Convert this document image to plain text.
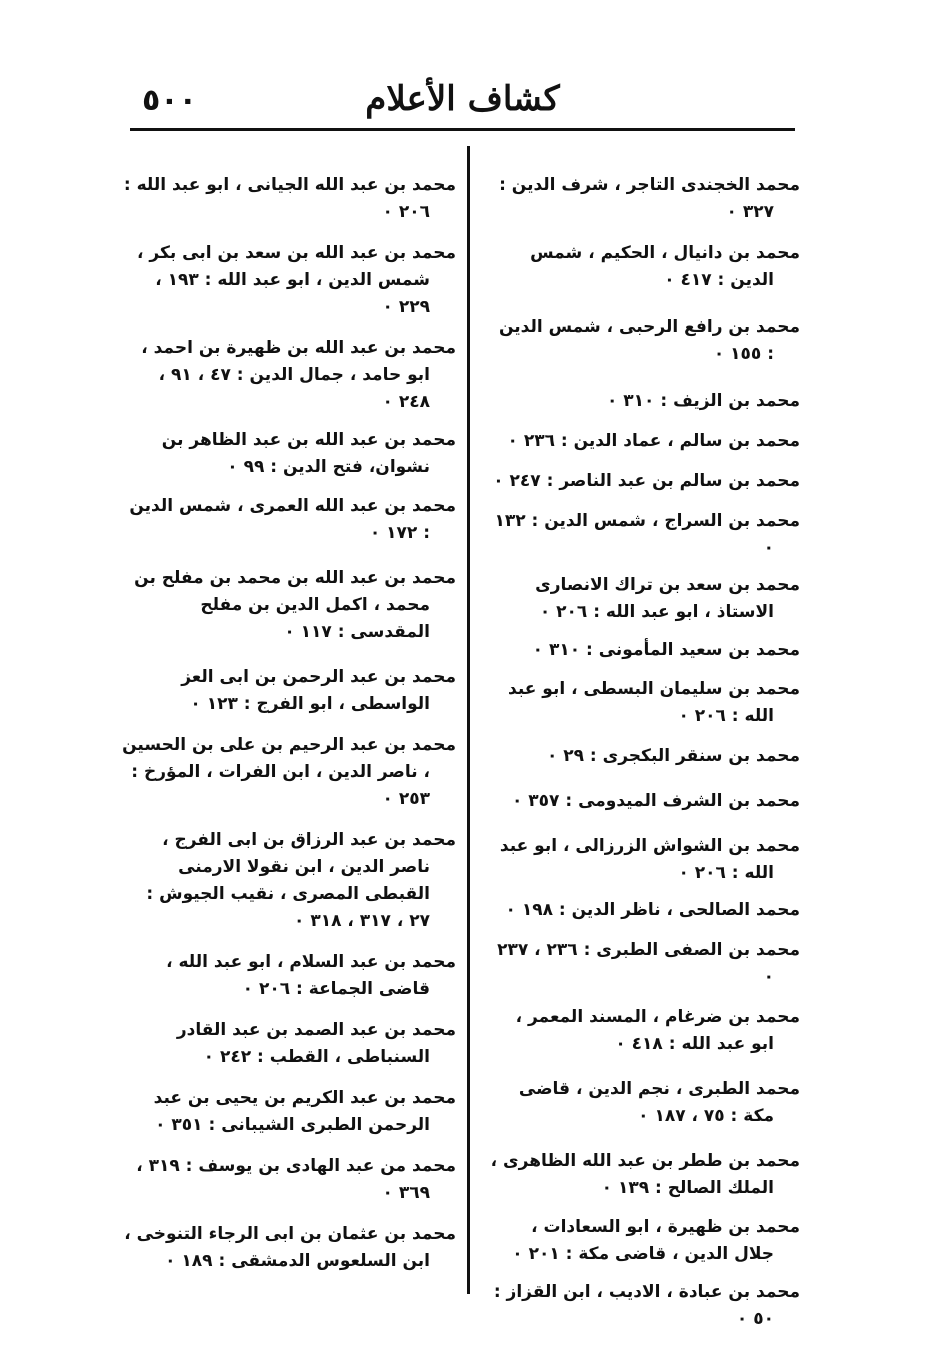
٥٠٠	كشاف الأعلام
محمد الخجندى التاجر ، شرف الدين : ٣٢٧ ٠
محمد بن دانيال ، الحكيم ، شمس الدين : ٤١٧ ٠
محمد بن رافع الرحبى ، شمس الدين : ١٥٥ ٠
محمد بن الزيف : ٣١٠ ٠
محمد بن سالم ، عماد الدين : ٢٣٦ ٠
محمد بن سالم بن عبد الناصر : ٢٤٧ ٠
محمد بن السراج ، شمس الدين : ١٣٢ ٠
محمد بن سعد بن تراك الانصارى الاستاذ ، ابو عبد الله : ٢٠٦ ٠
محمد بن سعيد المأمونى : ٣١٠ ٠
محمد بن سليمان البسطى ، ابو عبد الله : ٢٠٦ ٠
محمد بن سنقر البكجرى : ٢٩ ٠
محمد بن الشرف الميدومى : ٣٥٧ ٠
محمد بن الشواش الزرزالى ، ابو عبد الله : ٢٠٦ ٠
محمد الصالحى ، ناظر الدين : ١٩٨ ٠
محمد بن الصفى الطبرى : ٢٣٦ ، ٢٣٧ ٠
محمد بن ضرغام ، المسند المعمر ، ابو عبد الله : ٤١٨ ٠
محمد الطبرى ، نجم الدين ، قاضى مكة : ٧٥ ، ١٨٧ ٠
محمد بن ططر بن عبد الله الظاهرى ، الملك الصالح : ١٣٩ ٠
محمد بن ظهيرة ، ابو السعادات ، جلال الدين ، قاضى مكة : ٢٠١ ٠
محمد بن عبادة ، الاديب ، ابن القزاز : ٥٠ ٠
محمد بن عبد الله الجيانى ، ابو عبد الله : ٢٠٦ ٠
محمد بن عبد الله بن سعد بن ابى بكر ، شمس الدين ، ابو عبد الله : ١٩٣ ، ٢٢٩ ٠
محمد بن عبد الله بن ظهيرة بن احمد ، ابو حامد ، جمال الدين : ٤٧ ، ٩١ ، ٢٤٨ ٠
محمد بن عبد الله بن عبد الظاهر بن نشوان، فتح الدين : ٩٩ ٠
محمد بن عبد الله العمرى ، شمس الدين : ١٧٢ ٠
محمد بن عبد الله بن محمد بن مفلح بن محمد ، اكمل الدين بن مفلح المقدسى : ١١٧ ٠
محمد بن عبد الرحمن بن ابى العز الواسطى ، ابو الفرج : ١٢٣ ٠
محمد بن عبد الرحيم بن على بن الحسين ، ناصر الدين ، ابن الفرات ، المؤرخ : ٢٥٣ ٠
محمد بن عبد الرزاق بن ابى الفرج ، ناصر الدين ، ابن نقولا الارمنى القبطى المصرى ، نقيب الجيوش : ٢٧ ، ٣١٧ ، ٣١٨ ٠
محمد بن عبد السلام ، ابو عبد الله ، قاضى الجماعة : ٢٠٦ ٠
محمد بن عبد الصمد بن عبد القادر السنباطى ، القطب : ٢٤٢ ٠
محمد بن عبد الكريم بن يحيى بن عبد الرحمن الطبرى الشيبانى : ٣٥١ ٠
محمد من عبد الهادى بن يوسف : ٣١٩ ، ٣٦٩ ٠
محمد بن عثمان بن ابى الرجاء التنوخى ، ابن السلعوس الدمشقى : ١٨٩ ٠
